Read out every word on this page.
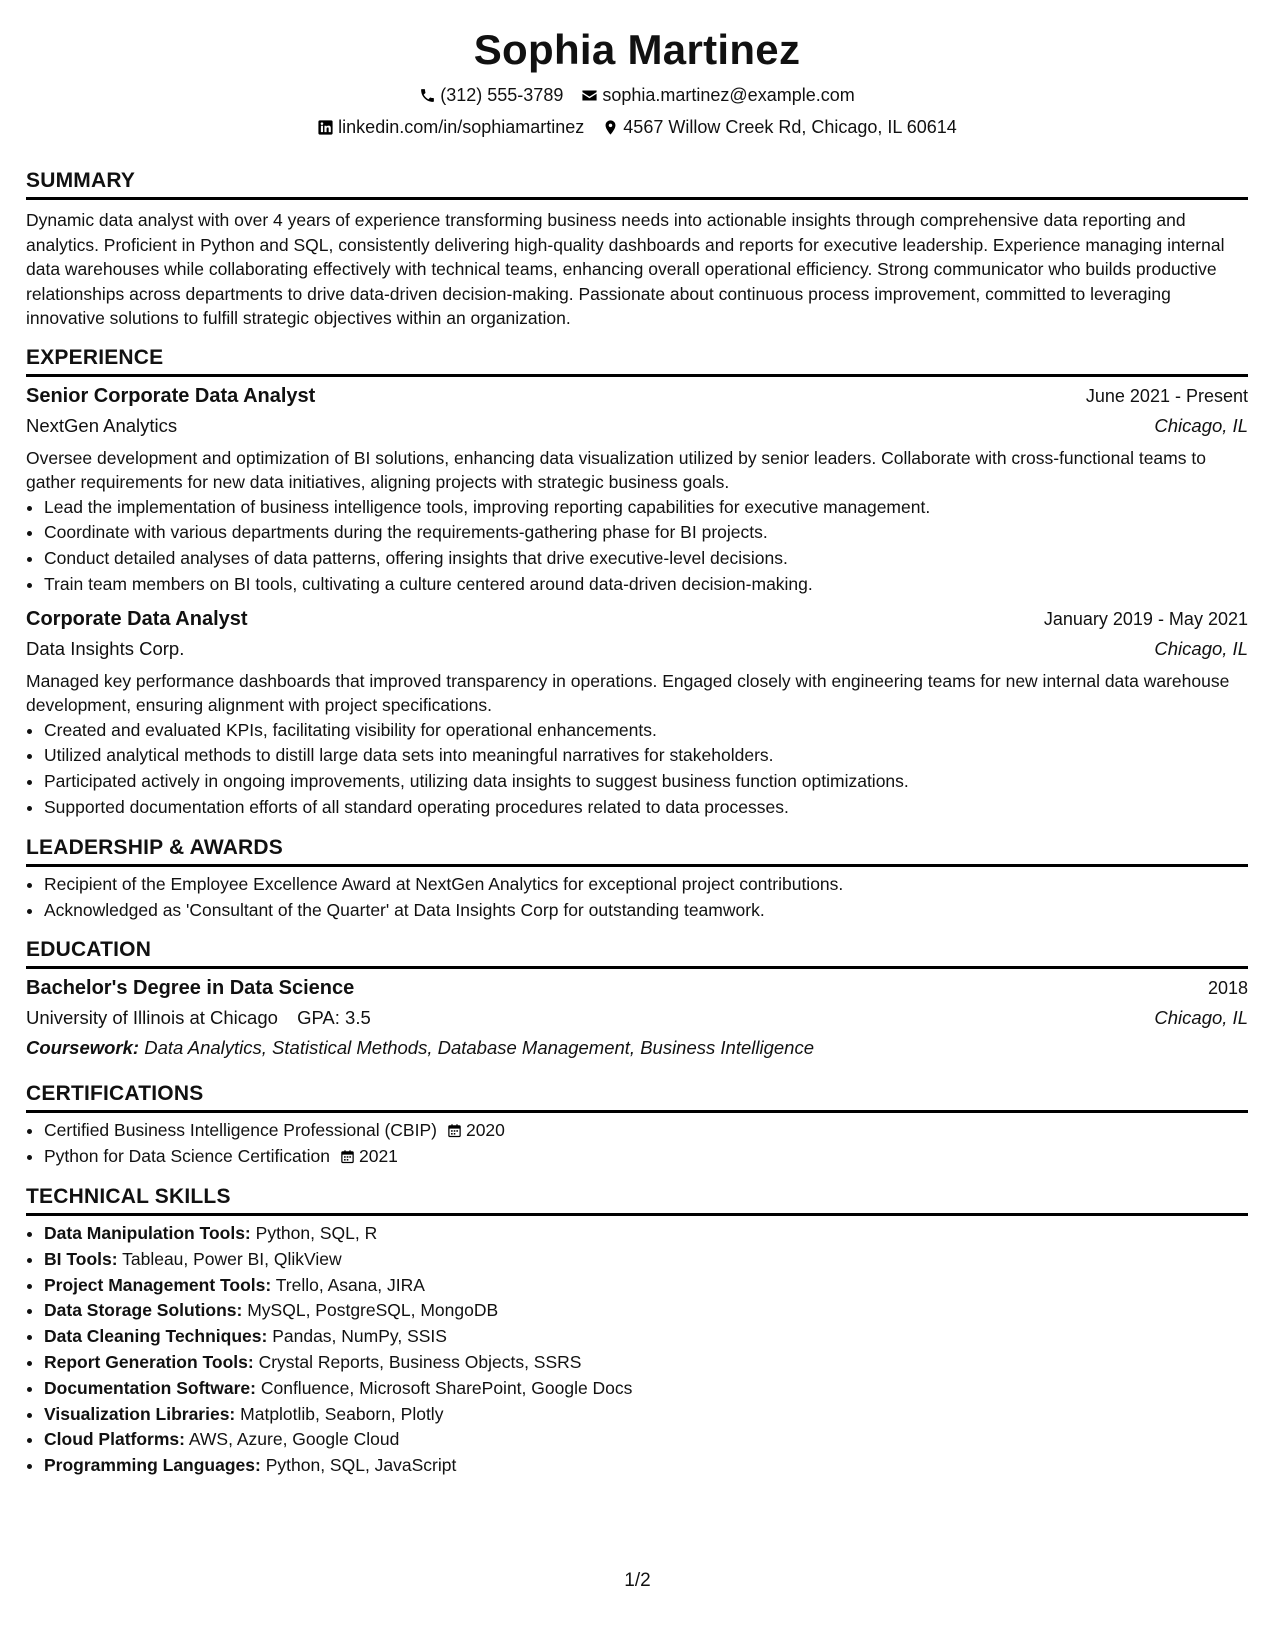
Sophia Martinez
(312) 555-3789 sophia.martinez@example.com
linkedin.com/in/sophiamartinez 4567 Willow Creek Rd, Chicago, IL 60614
SUMMARY
Dynamic data analyst with over 4 years of experience transforming business needs into actionable insights through comprehensive data reporting and analytics. Proficient in Python and SQL, consistently delivering high-quality dashboards and reports for executive leadership. Experience managing internal data warehouses while collaborating effectively with technical teams, enhancing overall operational efficiency. Strong communicator who builds productive relationships across departments to drive data-driven decision-making. Passionate about continuous process improvement, committed to leveraging innovative solutions to fulfill strategic objectives within an organization.
EXPERIENCE
Senior Corporate Data Analyst	June 2021 - Present
NextGen Analytics	Chicago, IL
Oversee development and optimization of BI solutions, enhancing data visualization utilized by senior leaders. Collaborate with cross-functional teams to gather requirements for new data initiatives, aligning projects with strategic business goals.
• Lead the implementation of business intelligence tools, improving reporting capabilities for executive management.
• Coordinate with various departments during the requirements-gathering phase for BI projects.
• Conduct detailed analyses of data patterns, offering insights that drive executive-level decisions.
• Train team members on BI tools, cultivating a culture centered around data-driven decision-making.
Corporate Data Analyst	January 2019 - May 2021
Data Insights Corp.	Chicago, IL
Managed key performance dashboards that improved transparency in operations. Engaged closely with engineering teams for new internal data warehouse development, ensuring alignment with project specifications.
• Created and evaluated KPIs, facilitating visibility for operational enhancements.
• Utilized analytical methods to distill large data sets into meaningful narratives for stakeholders.
• Participated actively in ongoing improvements, utilizing data insights to suggest business function optimizations.
• Supported documentation efforts of all standard operating procedures related to data processes.
LEADERSHIP & AWARDS
• Recipient of the Employee Excellence Award at NextGen Analytics for exceptional project contributions.
• Acknowledged as 'Consultant of the Quarter' at Data Insights Corp for outstanding teamwork.
EDUCATION
Bachelor's Degree in Data Science	2018
University of Illinois at Chicago GPA: 3.5	Chicago, IL
Coursework: Data Analytics, Statistical Methods, Database Management, Business Intelligence
CERTIFICATIONS
• Certified Business Intelligence Professional (CBIP) 2020
• Python for Data Science Certification 2021
TECHNICAL SKILLS
• Data Manipulation Tools: Python, SQL, R
• BI Tools: Tableau, Power BI, QlikView
• Project Management Tools: Trello, Asana, JIRA
• Data Storage Solutions: MySQL, PostgreSQL, MongoDB
• Data Cleaning Techniques: Pandas, NumPy, SSIS
• Report Generation Tools: Crystal Reports, Business Objects, SSRS
• Documentation Software: Confluence, Microsoft SharePoint, Google Docs
• Visualization Libraries: Matplotlib, Seaborn, Plotly
• Cloud Platforms: AWS, Azure, Google Cloud
• Programming Languages: Python, SQL, JavaScript
1/2
